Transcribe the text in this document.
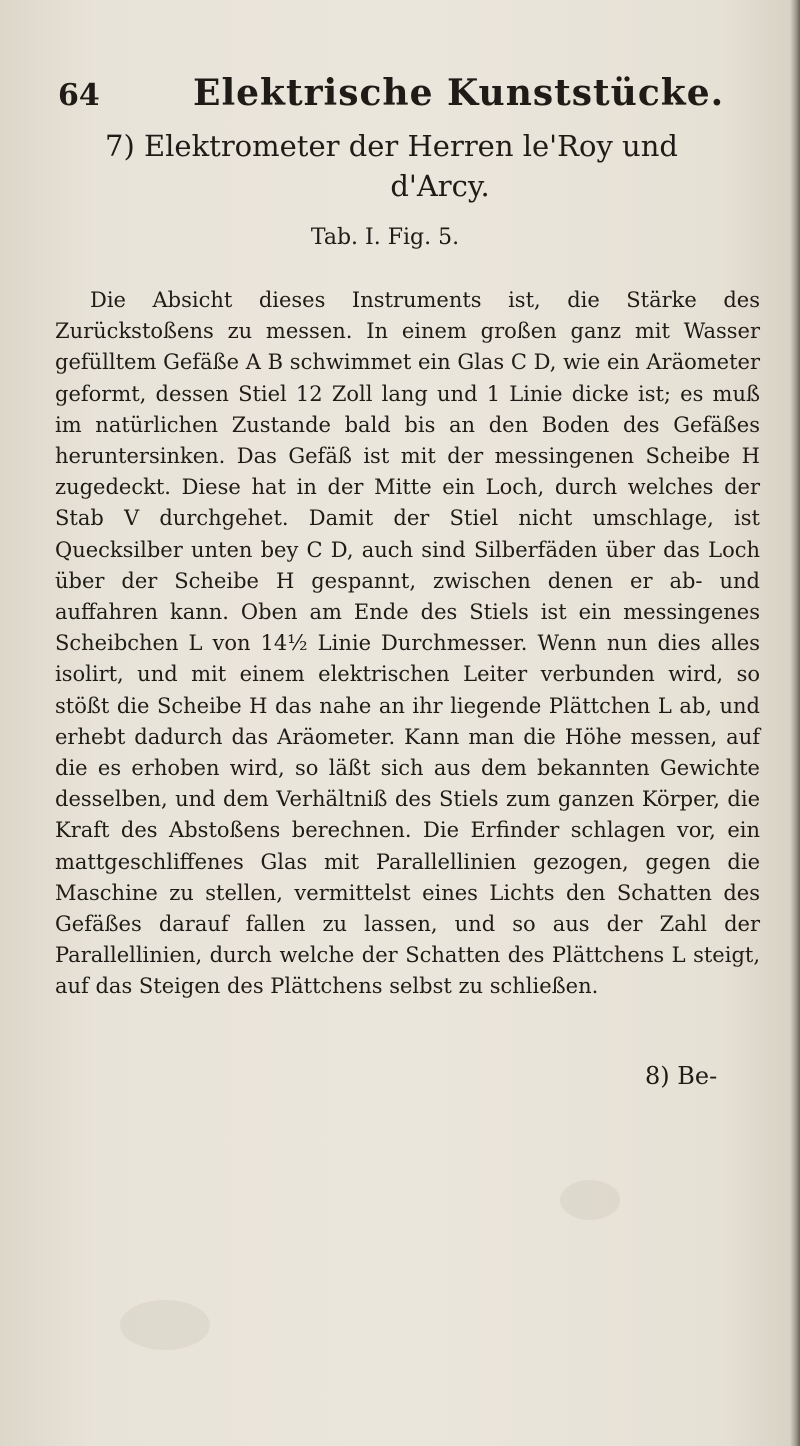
64	Elektrische Kunststücke.
7) Elektrometer der Herren le'Roy und
d'Arcy.
Tab. I. Fig. 5.

Die Absicht dieses Instruments ist, die Stärke des Zurückstoßens zu messen. In einem großen ganz mit Wasser gefülltem Gefäße A B schwimmet ein Glas C D, wie ein Aräometer geformt, dessen Stiel 12 Zoll lang und 1 Linie dicke ist; es muß im natürlichen Zustande bald bis an den Boden des Gefäßes heruntersinken. Das Gefäß ist mit der messingenen Scheibe H zugedeckt. Diese hat in der Mitte ein Loch, durch welches der Stab V durchgehet. Damit der Stiel nicht umschlage, ist Quecksilber unten bey C D, auch sind Silberfäden über das Loch über der Scheibe H gespannt, zwischen denen er ab- und auffahren kann. Oben am Ende des Stiels ist ein messingenes Scheibchen L von 14½ Linie Durchmesser. Wenn nun dies alles isolirt, und mit einem elektrischen Leiter verbunden wird, so stößt die Scheibe H das nahe an ihr liegende Plättchen L ab, und erhebt dadurch das Aräometer. Kann man die Höhe messen, auf die es erhoben wird, so läßt sich aus dem bekannten Gewichte desselben, und dem Verhältniß des Stiels zum ganzen Körper, die Kraft des Abstoßens berechnen. Die Erfinder schlagen vor, ein mattgeschliffenes Glas mit Parallellinien gezogen, gegen die Maschine zu stellen, vermittelst eines Lichts den Schatten des Gefäßes darauf fallen zu lassen, und so aus der Zahl der Parallellinien, durch welche der Schatten des Plättchens L steigt, auf das Steigen des Plättchens selbst zu schließen.

8) Be-
